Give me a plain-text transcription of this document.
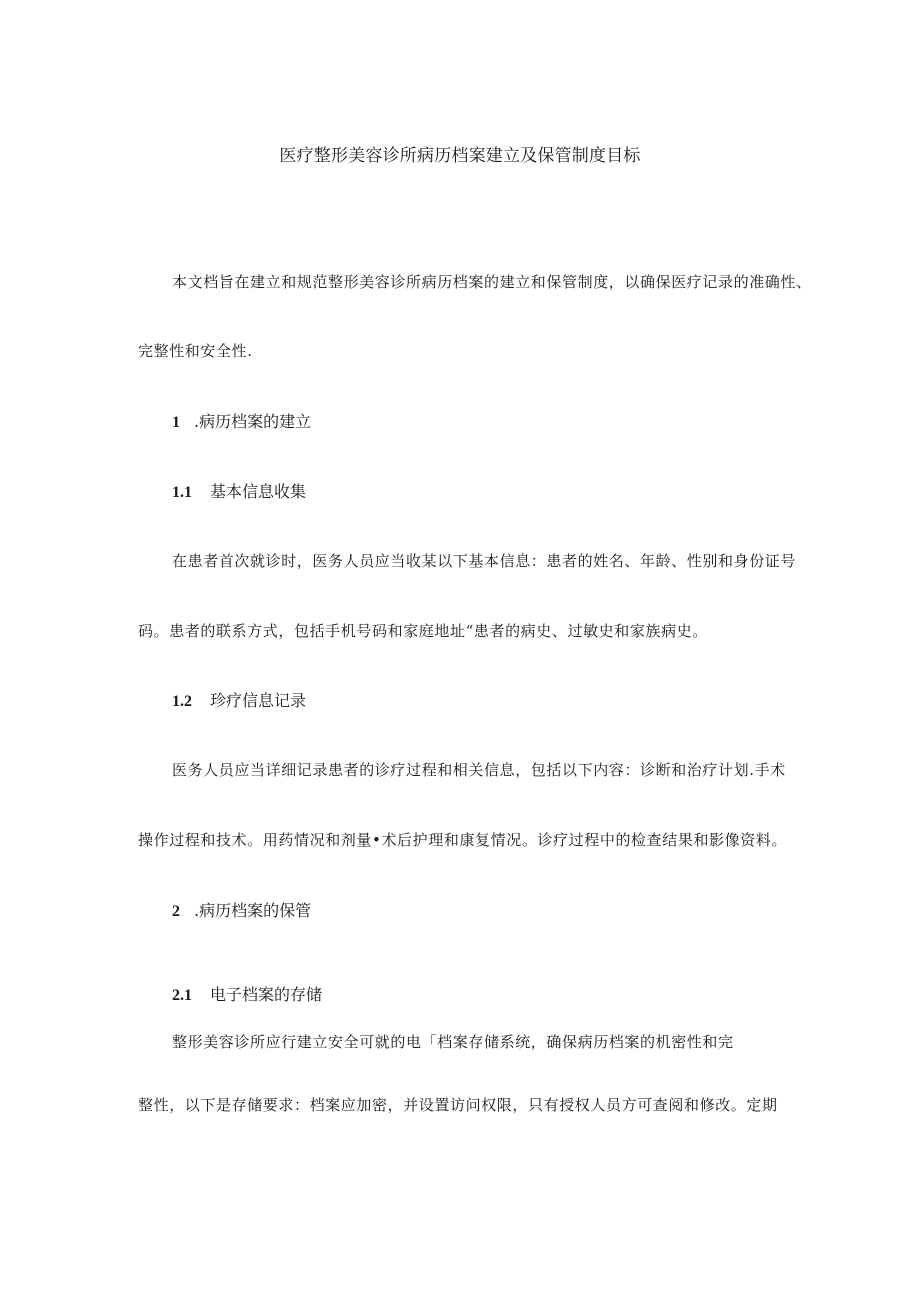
医疗整形美容诊所病历档案建立及保管制度目标
本文档旨在建立和规范整形美容诊所病历档案的建立和保管制度，以确保医疗记录的准确性、
完整性和安全性.
1 .病历档案的建立
1.1 基本信息收集
在患者首次就诊时，医务人员应当收某以下基本信息：患者的姓名、年龄、性别和身份证号
码。患者的联系方式，包括手机号码和家庭地址“患者的病史、过敏史和家族病史。
1.2 珍疗信息记录
医务人员应当详细记录患者的诊疗过程和相关信息，包括以下内容：诊断和治疗计划.手术
操作过程和技术。用药情况和剂量•术后护理和康复情况。诊疗过程中的检查结果和影像资料。
2 .病历档案的保管
2.1 电子档案的存储
整形美容诊所应行建立安全可就的电「档案存储系统，确保病历档案的机密性和完
整性，以下是存储要求：档案应加密，并设置访问权限，只有授权人员方可查阅和修改。定期
